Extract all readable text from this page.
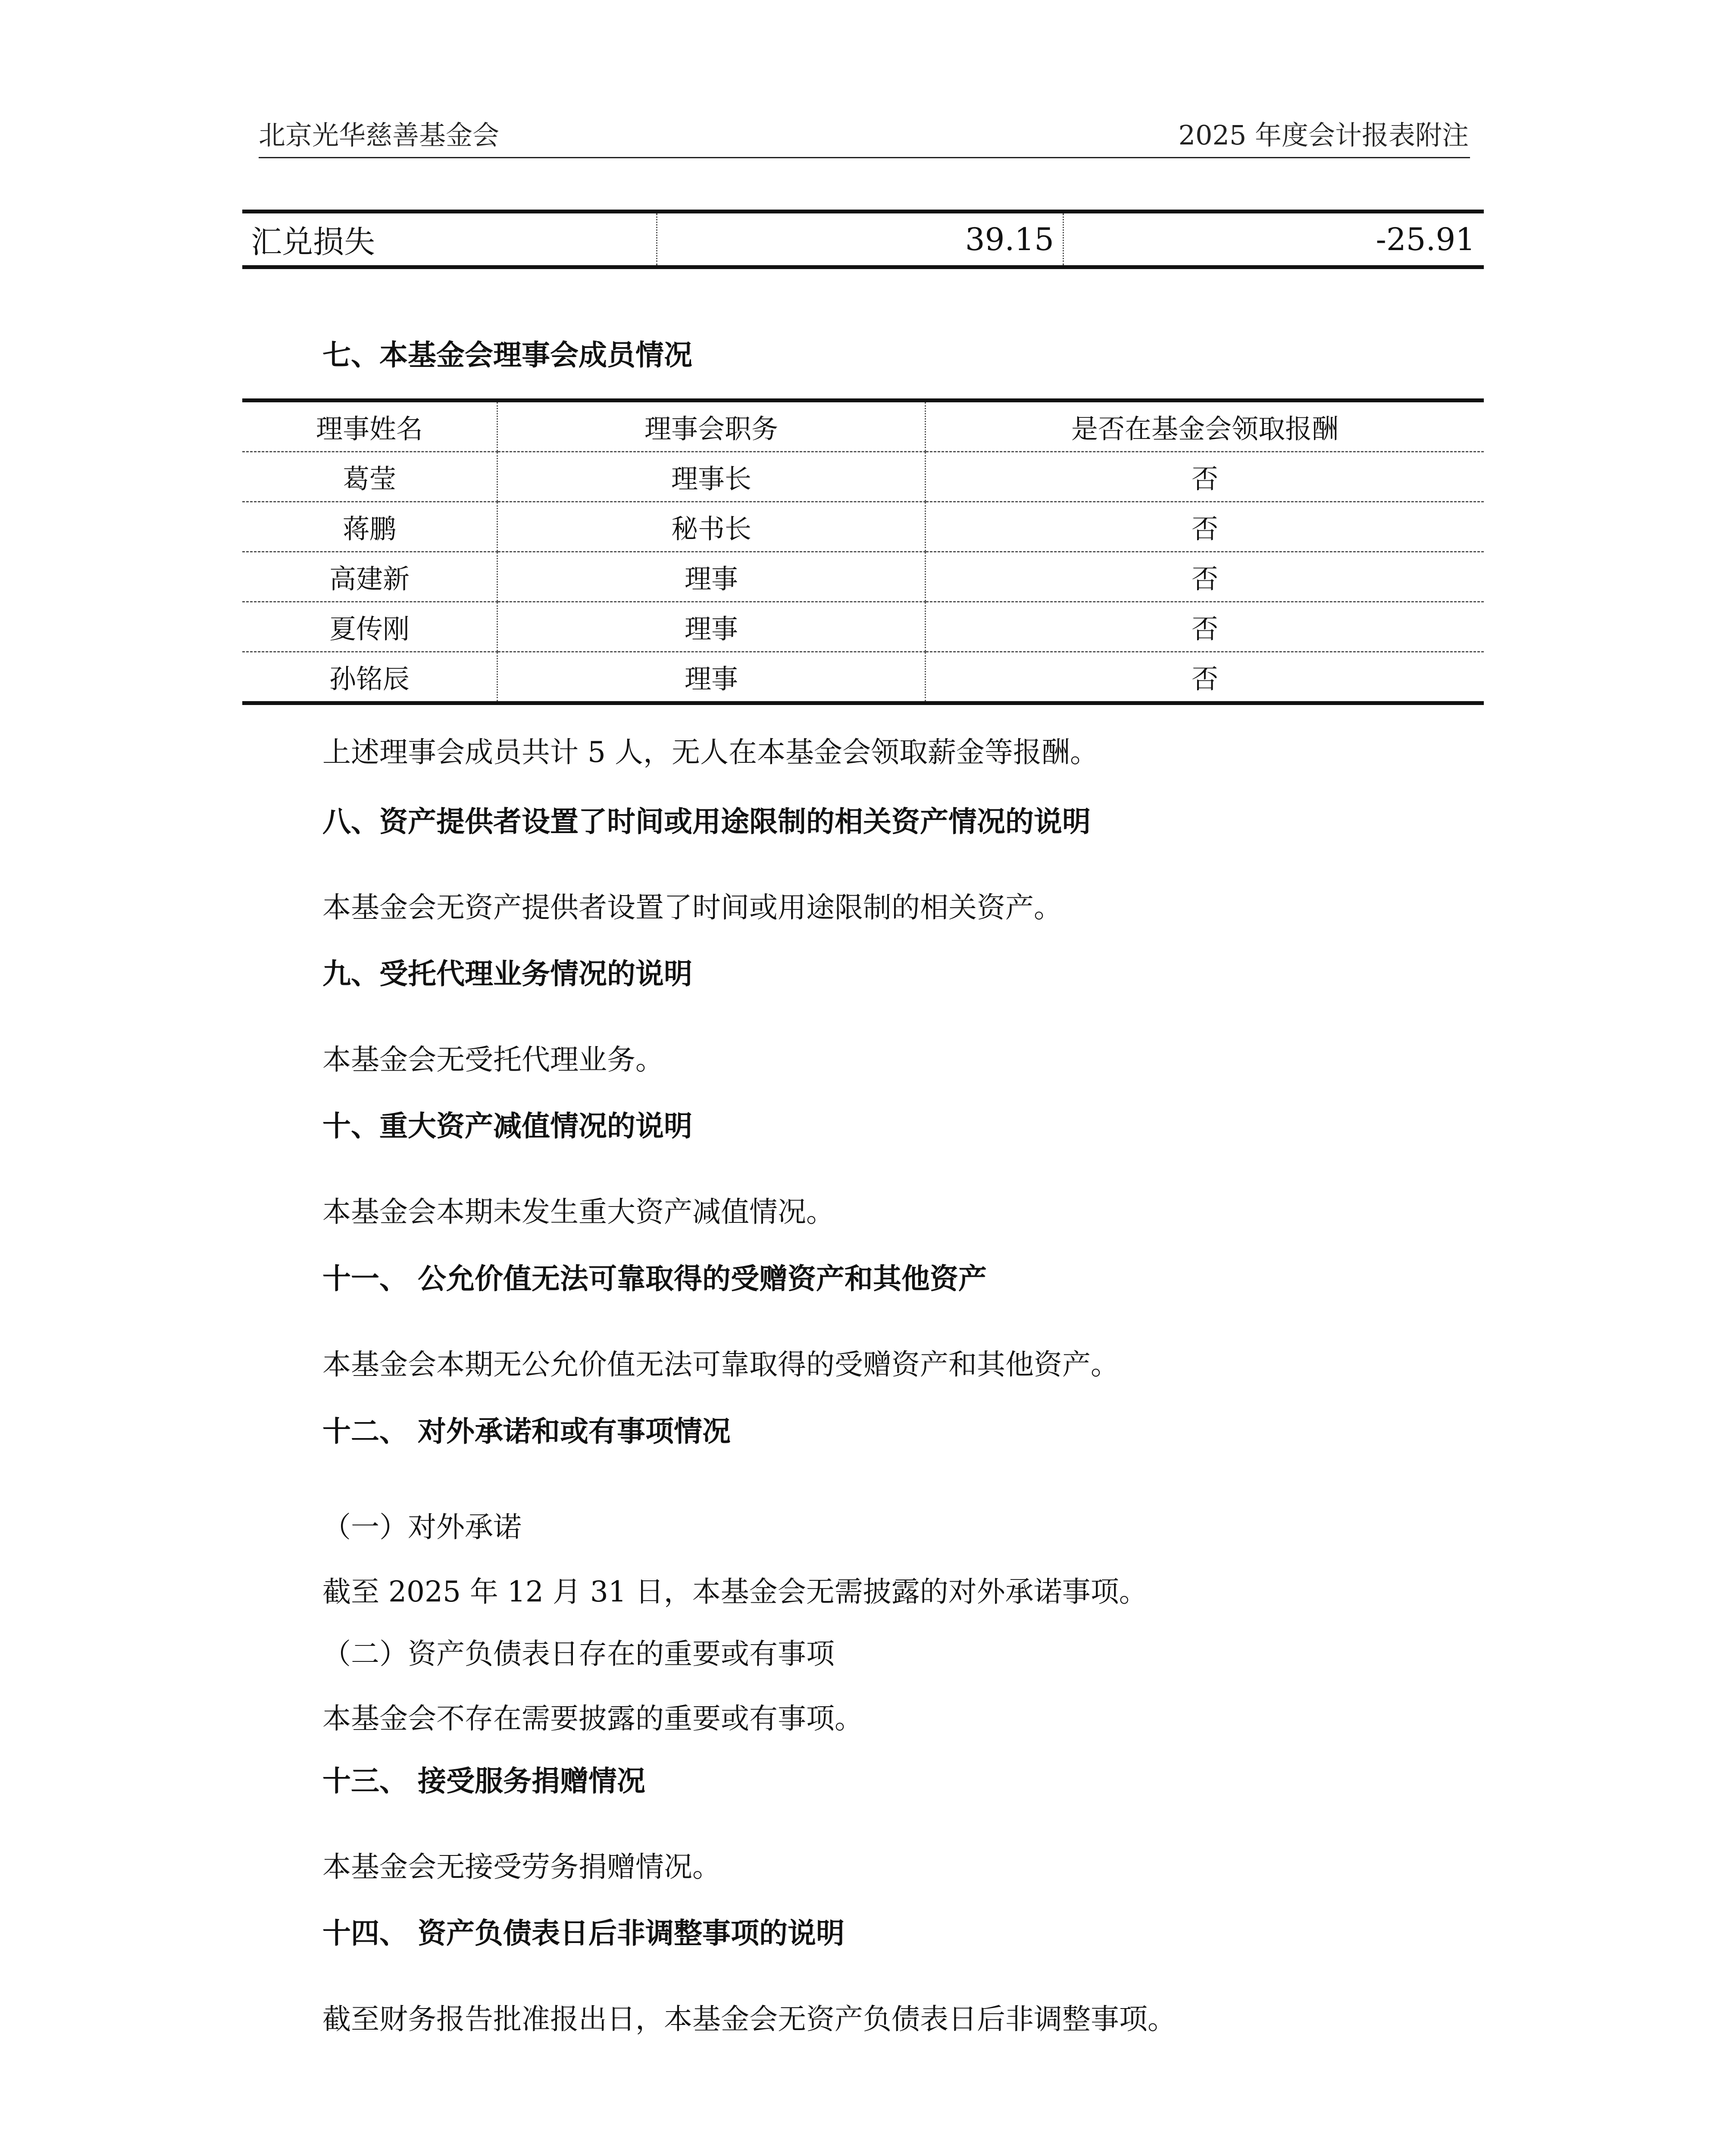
北京光华慈善基金会	2025 年度会计报表附注
汇兑损失	39.15	-25.91
七、本基金会理事会成员情况
理事姓名	理事会职务	是否在基金会领取报酬
葛莹	理事长	否
蒋鹏	秘书长	否
高建新	理事	否
夏传刚	理事	否
孙铭辰	理事	否
上述理事会成员共计 5 人，无人在本基金会领取薪金等报酬。
八、资产提供者设置了时间或用途限制的相关资产情况的说明
本基金会无资产提供者设置了时间或用途限制的相关资产。
九、受托代理业务情况的说明
本基金会无受托代理业务。
十、重大资产减值情况的说明
本基金会本期未发生重大资产减值情况。
十一、 公允价值无法可靠取得的受赠资产和其他资产
本基金会本期无公允价值无法可靠取得的受赠资产和其他资产。
十二、 对外承诺和或有事项情况
（一）对外承诺
截至 2025 年 12 月 31 日，本基金会无需披露的对外承诺事项。
（二）资产负债表日存在的重要或有事项
本基金会不存在需要披露的重要或有事项。
十三、 接受服务捐赠情况
本基金会无接受劳务捐赠情况。
十四、 资产负债表日后非调整事项的说明
截至财务报告批准报出日，本基金会无资产负债表日后非调整事项。
